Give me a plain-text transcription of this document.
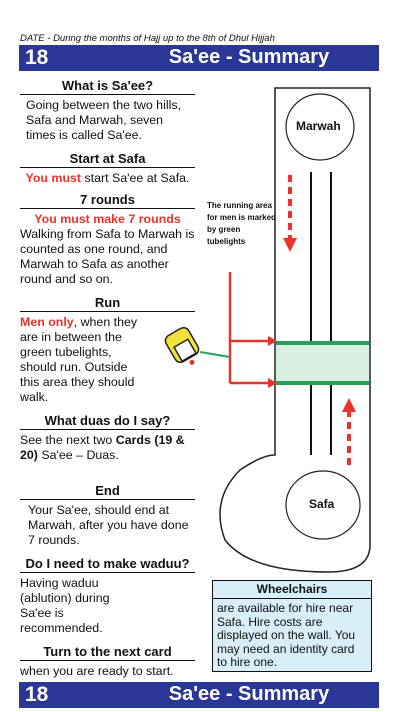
DATE - During the months of Hajj up to the 8th of Dhul Hijjah
18	Sa'ee - Summary
What is Sa'ee?
Going between the two hills, Safa and Marwah, seven times is called Sa'ee.
Start at Safa
You must start Sa'ee at Safa.
7 rounds
You must make 7 rounds
Walking from Safa to Marwah is counted as one round, and Marwah to Safa as another round and so on.
Run
Men only, when they are in between the green tubelights, should run. Outside this area they should walk.
What duas do I say?
See the next two Cards (19 & 20) Sa'ee – Duas.
End
Your Sa'ee, should end at Marwah, after you have done 7 rounds.
Do I need to make waduu?
Having waduu (ablution) during Sa'ee is recommended.
Turn to the next card
when you are ready to start.
The running area for men is marked by green tubelights
Marwah
Safa
Wheelchairs
are available for hire near Safa. Hire costs are displayed on the wall. You may need an identity card to hire one.
18	Sa'ee - Summary
